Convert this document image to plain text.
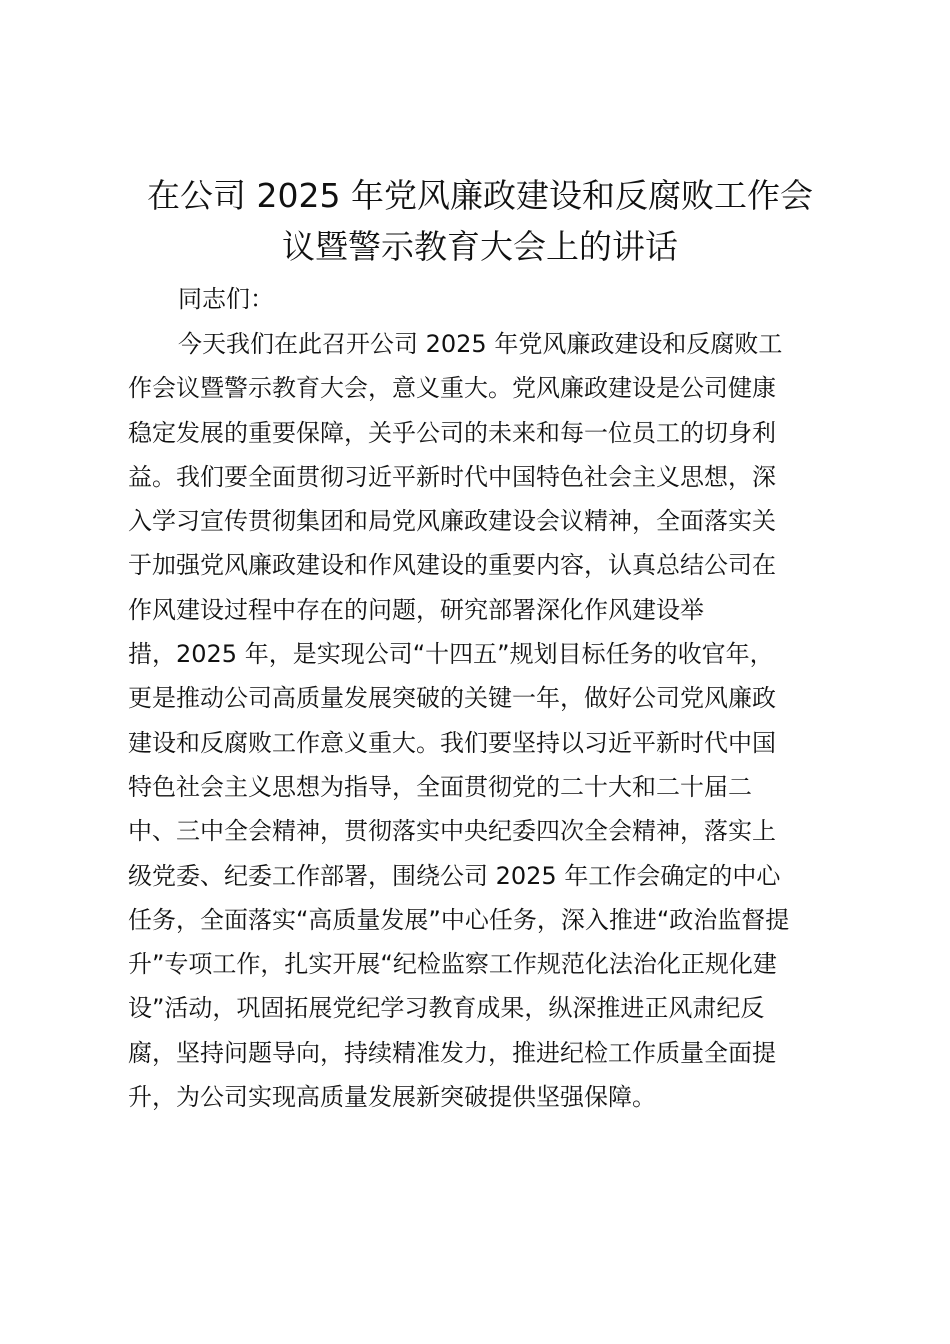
在公司 2025 年党风廉政建设和反腐败工作会
议暨警示教育大会上的讲话

同志们：

今天我们在此召开公司 2025 年党风廉政建设和反腐败工
作会议暨警示教育大会，意义重大。党风廉政建设是公司健康
稳定发展的重要保障，关乎公司的未来和每一位员工的切身利
益。我们要全面贯彻习近平新时代中国特色社会主义思想，深
入学习宣传贯彻集团和局党风廉政建设会议精神，全面落实关
于加强党风廉政建设和作风建设的重要内容，认真总结公司在
作风建设过程中存在的问题，研究部署深化作风建设举
措，2025 年，是实现公司“十四五”规划目标任务的收官年，
更是推动公司高质量发展突破的关键一年，做好公司党风廉政
建设和反腐败工作意义重大。我们要坚持以习近平新时代中国
特色社会主义思想为指导，全面贯彻党的二十大和二十届二
中、三中全会精神，贯彻落实中央纪委四次全会精神，落实上
级党委、纪委工作部署，围绕公司 2025 年工作会确定的中心
任务，全面落实“高质量发展”中心任务，深入推进“政治监督提
升”专项工作，扎实开展“纪检监察工作规范化法治化正规化建
设”活动，巩固拓展党纪学习教育成果，纵深推进正风肃纪反
腐，坚持问题导向，持续精准发力，推进纪检工作质量全面提
升，为公司实现高质量发展新突破提供坚强保障。
